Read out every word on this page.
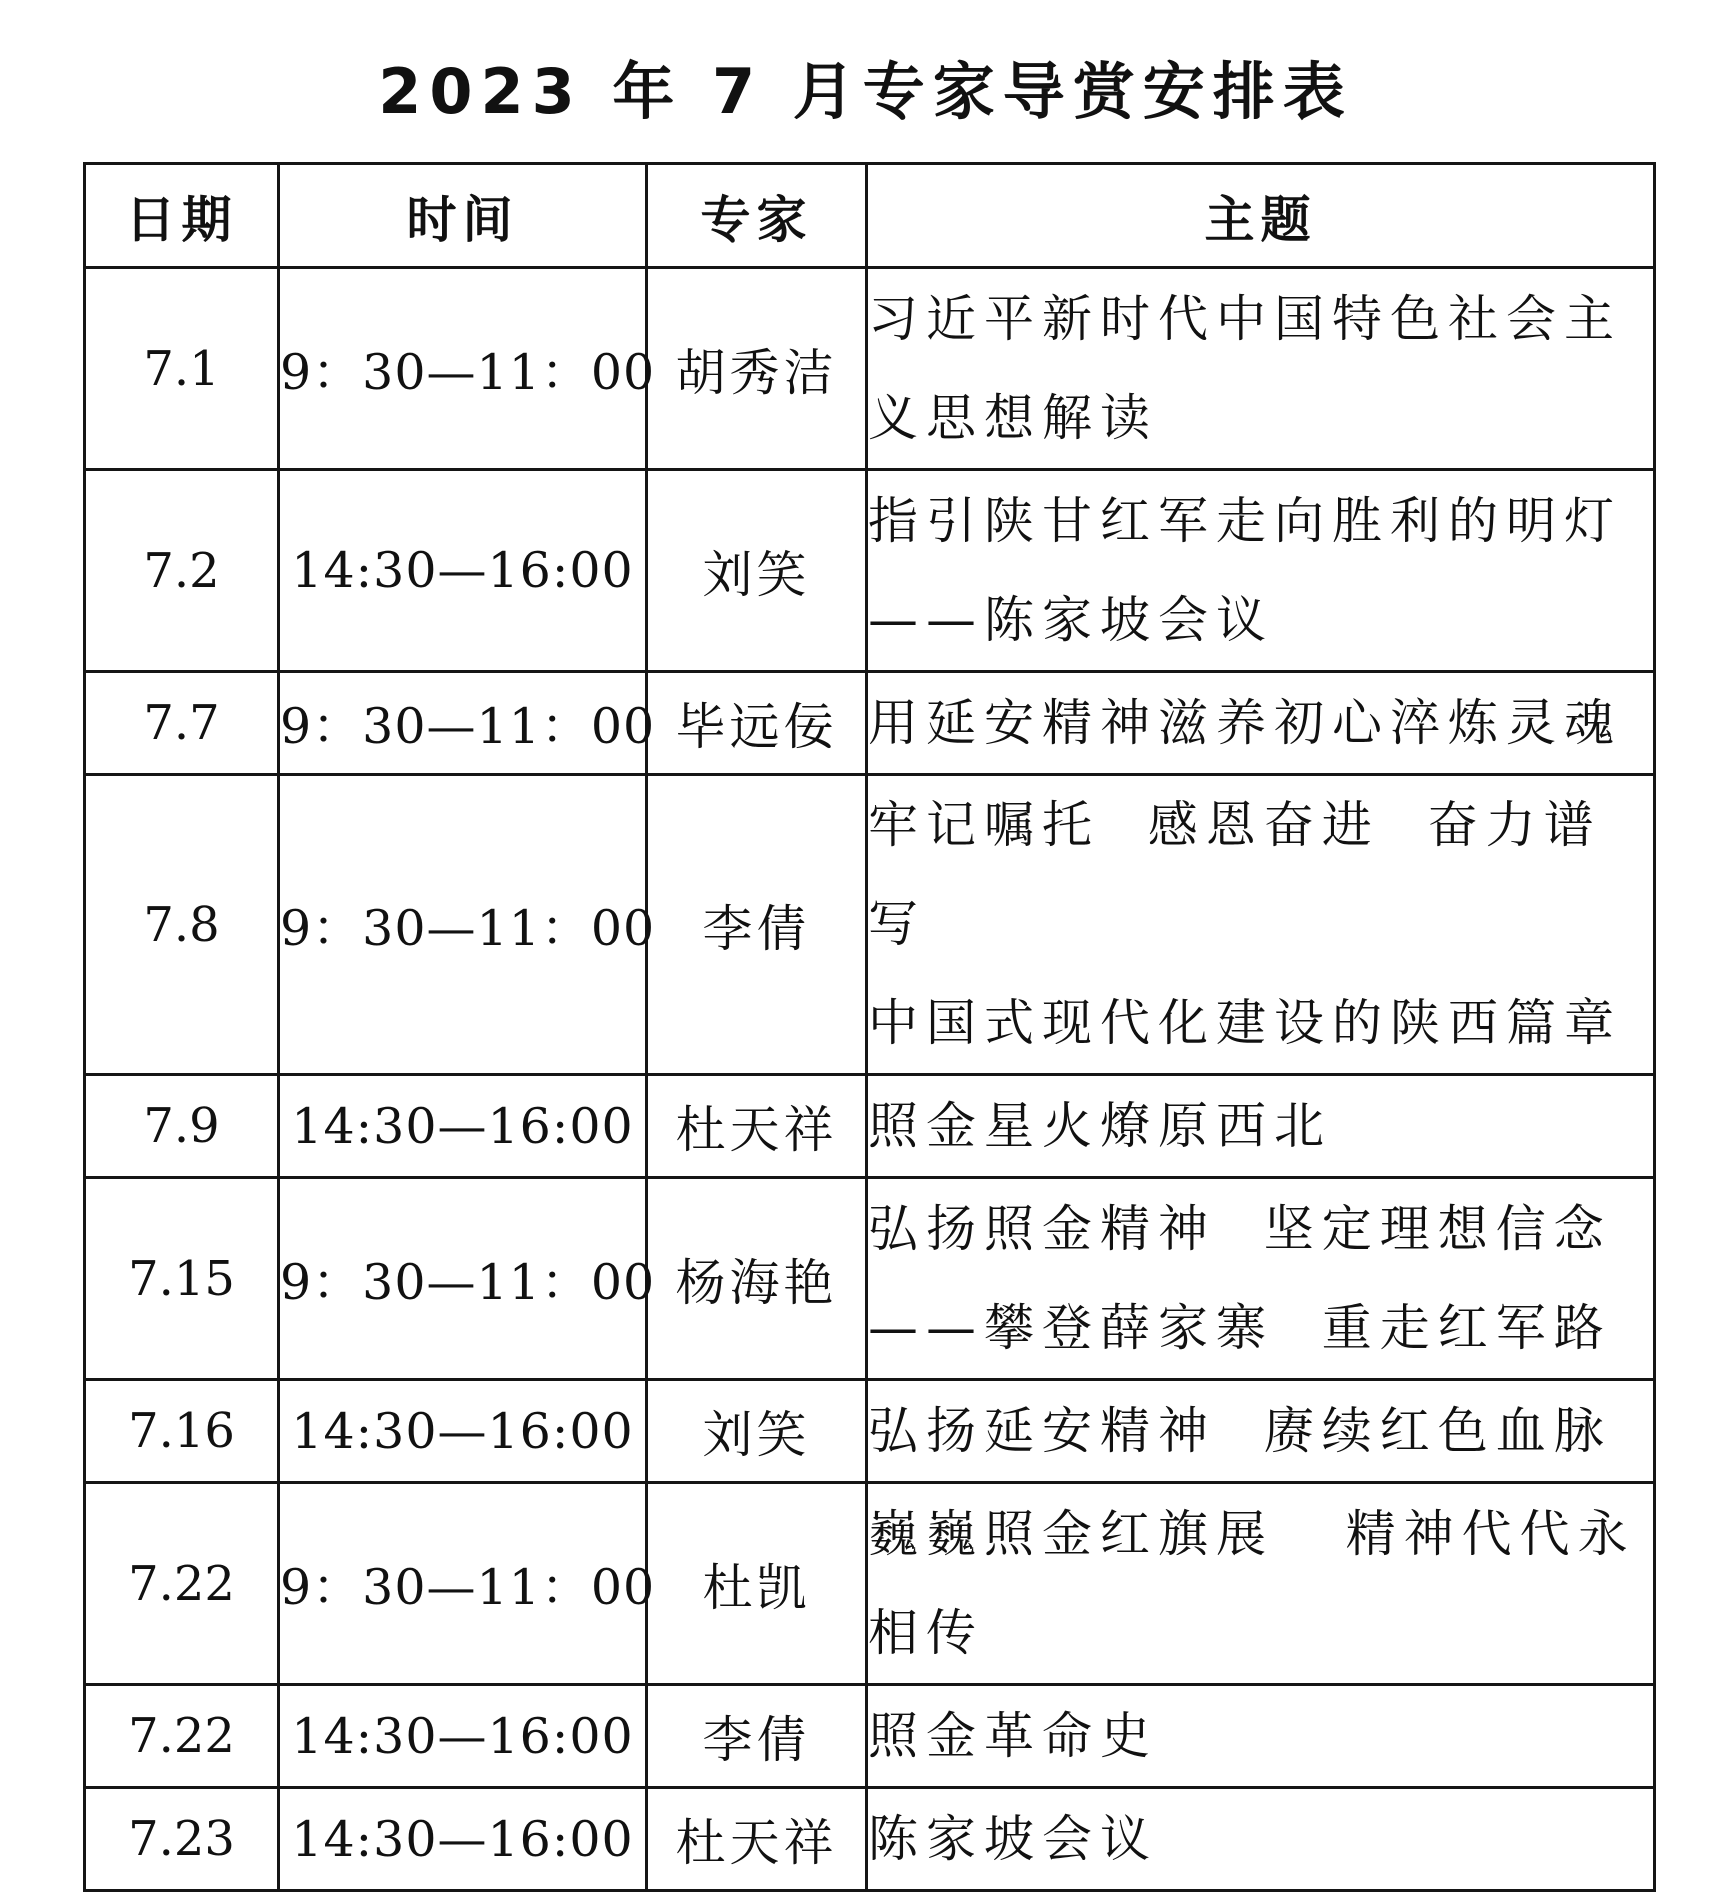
2023 年 7 月专家导赏安排表
日期	时间	专家	主题
7.1	9：30—11：00	胡秀洁	习近平新时代中国特色社会主
义思想解读
7.2	14:30—16:00	刘笑	指引陕甘红军走向胜利的明灯
——陈家坡会议
7.7	9：30—11：00	毕远佞	用延安精神滋养初心淬炼灵魂
7.8	9：30—11：00	李倩	牢记嘱托  感恩奋进  奋力谱写
中国式现代化建设的陕西篇章
7.9	14:30—16:00	杜天祥	照金星火燎原西北
7.15	9：30—11：00	杨海艳	弘扬照金精神  坚定理想信念
——攀登薛家寨  重走红军路
7.16	14:30—16:00	刘笑	弘扬延安精神  赓续红色血脉
7.22	9：30—11：00	杜凯	巍巍照金红旗展   精神代代永
相传
7.22	14:30—16:00	李倩	照金革命史
7.23	14:30—16:00	杜天祥	陈家坡会议
